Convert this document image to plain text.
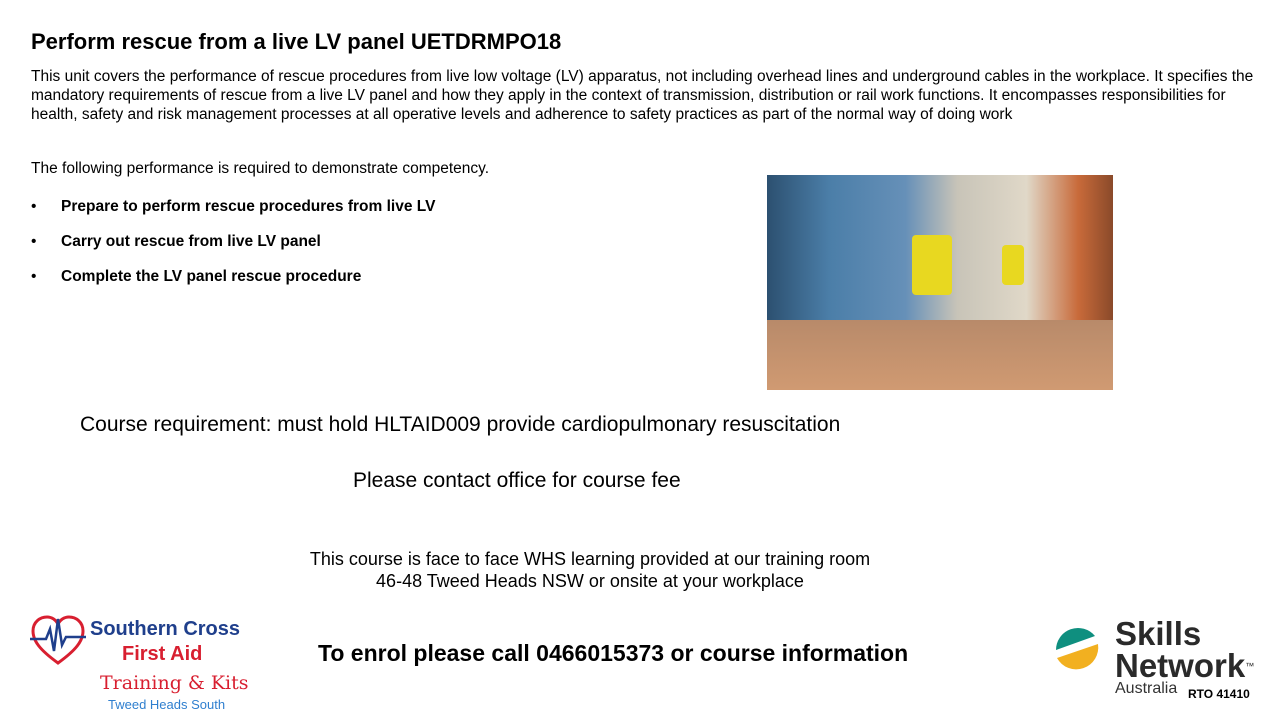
Perform rescue from a live LV panel UETDRMPO18
This unit covers the performance of rescue procedures from live low voltage (LV) apparatus, not including overhead lines and underground cables in the workplace. It specifies the mandatory requirements of rescue from a live LV panel and how they apply in the context of transmission, distribution or rail work functions. It encompasses responsibilities for health, safety and risk management processes at all operative levels and adherence to safety practices as part of the normal way of doing work
The following performance is required to demonstrate competency.
• Prepare to perform rescue procedures from live LV
• Carry out rescue from live LV panel
• Complete the LV panel rescue procedure
Course requirement: must hold HLTAID009 provide cardiopulmonary resuscitation
Please contact office for course fee
This course is face to face WHS learning provided at our training room
46-48 Tweed Heads NSW or onsite at your workplace
To enrol please call 0466015373 or course information
Southern Cross
First Aid
Training & Kits
Tweed Heads South
Skills
Network™
Australia RTO 41410
